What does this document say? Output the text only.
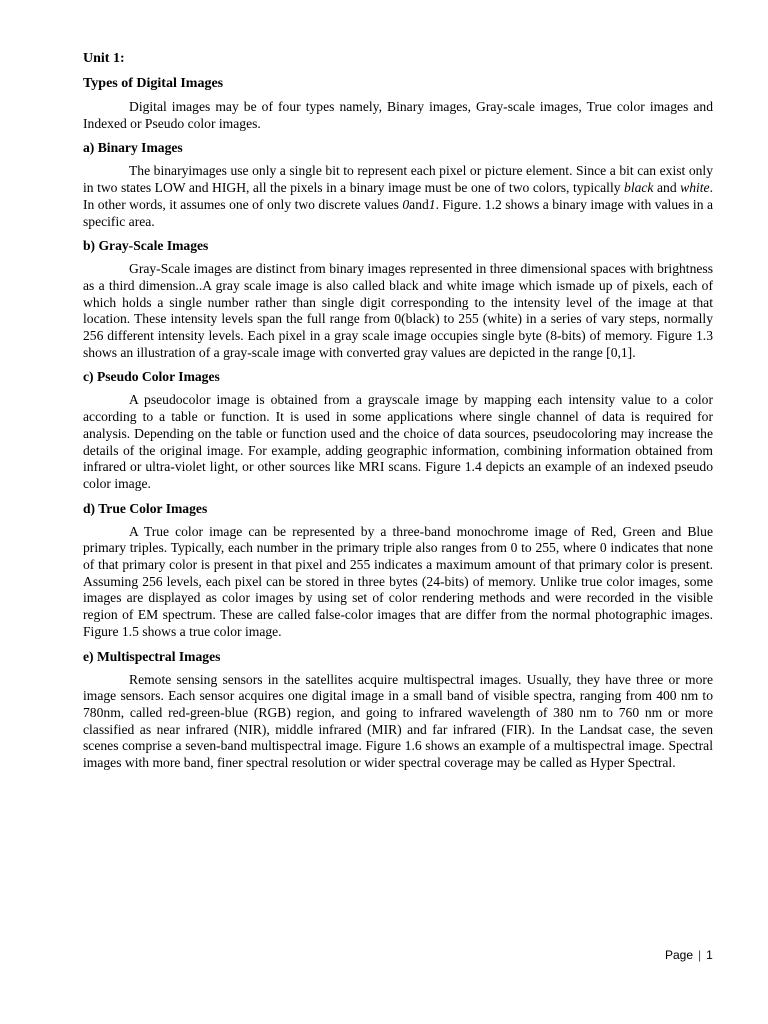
Unit 1:

Types of Digital Images

Digital images may be of four types namely, Binary images, Gray-scale images, True color images and Indexed or Pseudo color images.

a) Binary Images

The binaryimages use only a single bit to represent each pixel or picture element. Since a bit can exist only in two states LOW and HIGH, all the pixels in a binary image must be one of two colors, typically black and white. In other words, it assumes one of only two discrete values 0and1. Figure. 1.2 shows a binary image with values in a specific area.

b) Gray-Scale Images

Gray-Scale images are distinct from binary images represented in three dimensional spaces with brightness as a third dimension..A gray scale image is also called black and white image which ismade up of pixels, each of which holds a single number rather than single digit corresponding to the intensity level of the image at that location. These intensity levels span the full range from 0(black) to 255 (white) in a series of vary steps, normally 256 different intensity levels. Each pixel in a gray scale image occupies single byte (8-bits) of memory. Figure 1.3 shows an illustration of a gray-scale image with converted gray values are depicted in the range [0,1].

c) Pseudo Color Images

A pseudocolor image is obtained from a grayscale image by mapping each intensity value to a color according to a table or function. It is used in some applications where single channel of data is required for analysis. Depending on the table or function used and the choice of data sources, pseudocoloring may increase the details of the original image. For example, adding geographic information, combining information obtained from infrared or ultra-violet light, or other sources like MRI scans. Figure 1.4 depicts an example of an indexed pseudo color image.

d) True Color Images

A True color image can be represented by a three-band monochrome image of Red, Green and Blue primary triples. Typically, each number in the primary triple also ranges from 0 to 255, where 0 indicates that none of that primary color is present in that pixel and 255 indicates a maximum amount of that primary color is present. Assuming 256 levels, each pixel can be stored in three bytes (24-bits) of memory. Unlike true color images, some images are displayed as color images by using set of color rendering methods and were recorded in the visible region of EM spectrum. These are called false-color images that are differ from the normal photographic images. Figure 1.5 shows a true color image.

e) Multispectral Images

Remote sensing sensors in the satellites acquire multispectral images. Usually, they have three or more image sensors. Each sensor acquires one digital image in a small band of visible spectra, ranging from 400 nm to 780nm, called red-green-blue (RGB) region, and going to infrared wavelength of 380 nm to 760 nm or more classified as near infrared (NIR), middle infrared (MIR) and far infrared (FIR). In the Landsat case, the seven scenes comprise a seven-band multispectral image. Figure 1.6 shows an example of a multispectral image. Spectral images with more band, finer spectral resolution or wider spectral coverage may be called as Hyper Spectral.

Page | 1
